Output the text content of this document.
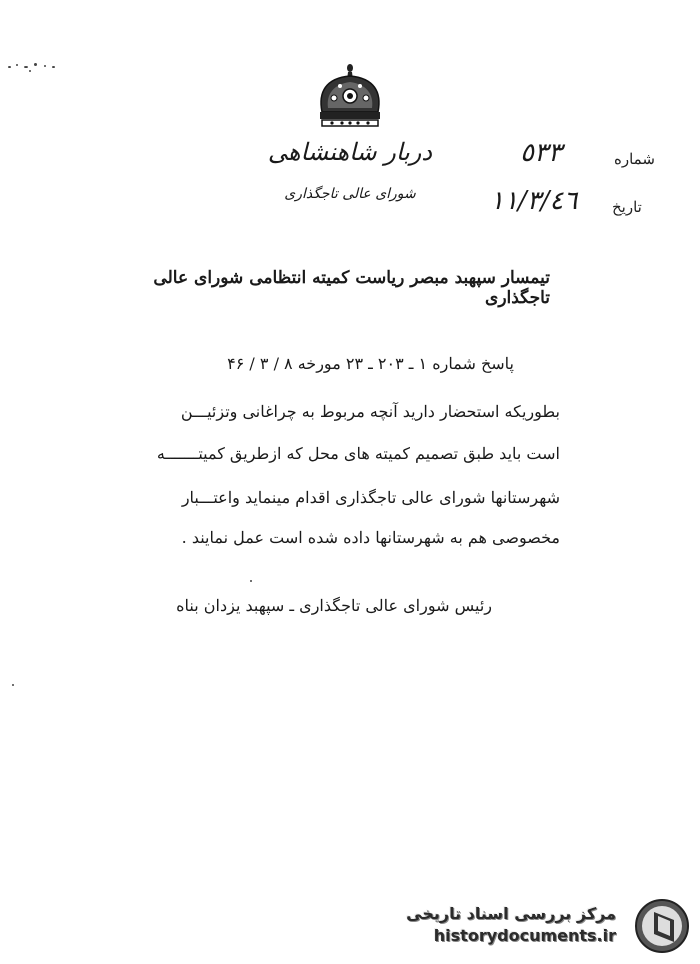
دربار شاهنشاهی
شورای عالی تاجگذاری
شماره
٥٣٣
تاریخ
١١/٣/٤٦
تیمسار سپهبد مبصر ریاست کمیته انتظامی شورای عالی تاجگذاری
پاسخ شماره ۱ ـ ۲۰۳ ـ ۲۳ مورخه ۸ / ۳ / ۴۶
بطوریکه استحضار دارید آنچه مربوط به چراغانی وتزئیـــن
است باید طبق تصمیم کمیته های محل که ازطریق کمیتـــــــه
شهرستانها شورای عالی تاجگذاری اقدام مینماید واعتـــبار
مخصوصی هم به شهرستانها داده شده است عمل نمایند .
رئیس شورای عالی تاجگذاری ـ سپهبد یزدان بناه
مرکز بررسی اسناد تاریخی
historydocuments.ir
